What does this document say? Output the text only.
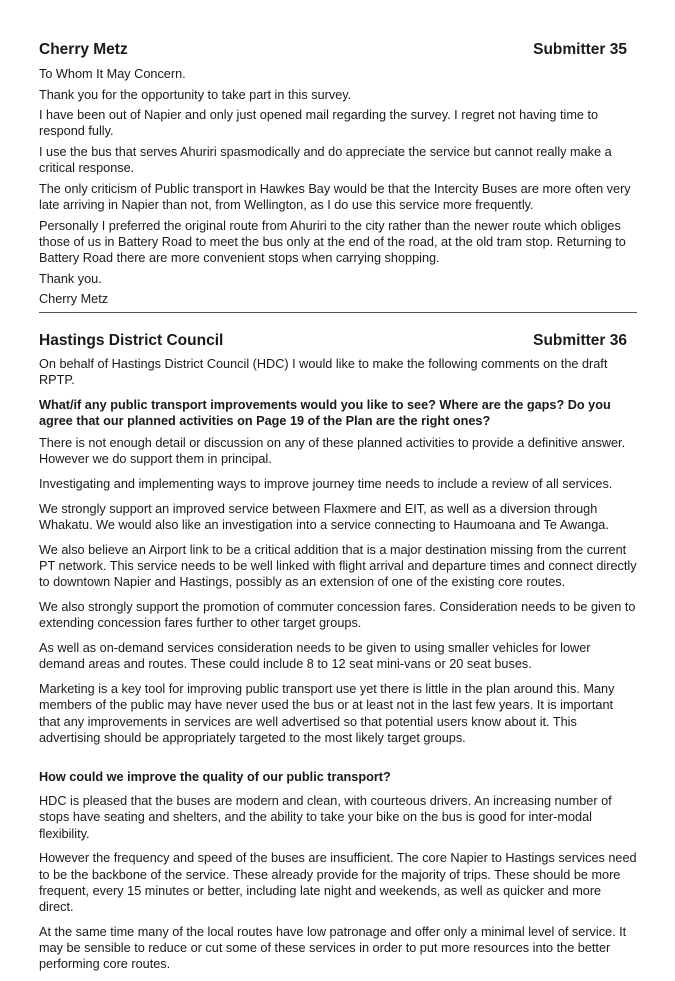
Cherry Metz	Submitter 35
To Whom It May Concern.
Thank you for the opportunity to take part in this survey.
I have been out of Napier and only just opened mail regarding the survey. I regret not having time to respond fully.
I use the bus that serves Ahuriri spasmodically and do appreciate the service but cannot really make a critical response.
The only criticism of Public transport in Hawkes Bay would be that the Intercity Buses are more often very late arriving in Napier than not, from Wellington, as I do use this service more frequently.
Personally I preferred the original route from Ahuriri to the city rather than the newer route which obliges those of us in Battery Road to meet the bus only at the end of the road, at the old tram stop. Returning to Battery Road there are more convenient stops when carrying shopping.
Thank you.
Cherry Metz
Hastings District Council	Submitter 36
On behalf of Hastings District Council (HDC) I would like to make the following comments on the draft RPTP.
What/if any public transport improvements would you like to see? Where are the gaps? Do you agree that our planned activities on Page 19 of the Plan are the right ones?
There is not enough detail or discussion on any of these planned activities to provide a definitive answer. However we do support them in principal.
Investigating and implementing ways to improve journey time needs to include a review of all services.
We strongly support an improved service between Flaxmere and EIT, as well as a diversion through Whakatu. We would also like an investigation into a service connecting to Haumoana and Te Awanga.
We also believe an Airport link to be a critical addition that is a major destination missing from the current PT network. This service needs to be well linked with flight arrival and departure times and connect directly to downtown Napier and Hastings, possibly as an extension of one of the existing core routes.
We also strongly support the promotion of commuter concession fares. Consideration needs to be given to extending concession fares further to other target groups.
As well as on-demand services consideration needs to be given to using smaller vehicles for lower demand areas and routes. These could include 8 to 12 seat mini-vans or 20 seat buses.
Marketing is a key tool for improving public transport use yet there is little in the plan around this. Many members of the public may have never used the bus or at least not in the last few years. It is important that any improvements in services are well advertised so that potential users know about it. This advertising should be appropriately targeted to the most likely target groups.
How could we improve the quality of our public transport?
HDC is pleased that the buses are modern and clean, with courteous drivers. An increasing number of stops have seating and shelters, and the ability to take your bike on the bus is good for inter-modal flexibility.
However the frequency and speed of the buses are insufficient. The core Napier to Hastings services need to be the backbone of the service. These already provide for the majority of trips. These should be more frequent, every 15 minutes or better, including late night and weekends, as well as quicker and more direct.
At the same time many of the local routes have low patronage and offer only a minimal level of service. It may be sensible to reduce or cut some of these services in order to put more resources into the better performing core routes.
